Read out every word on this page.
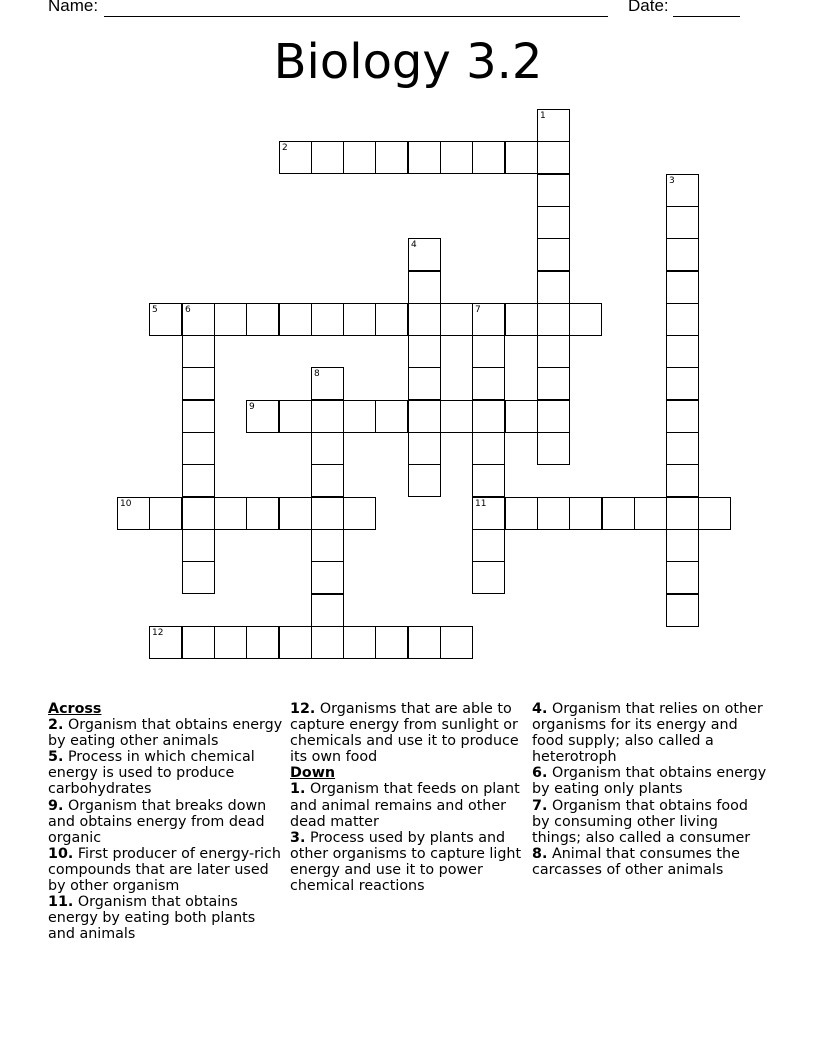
Name:	Date:
Biology 3.2
1
2
3
4
5	6	7
11
8
9
10
12

Across

2. Organism that obtains energy by eating other animals

5. Process in which chemical energy is used to produce carbohydrates

9. Organism that breaks down and obtains energy from dead organic

10. First producer of energy-rich compounds that are later used by other organism

11. Organism that obtains energy by eating both plants and animals

12. Organisms that are able to capture energy from sunlight or chemicals and use it to produce its own food

Down

1. Organism that feeds on plant and animal remains and other dead matter

3. Process used by plants and other organisms to capture light energy and use it to power chemical reactions

4. Organism that relies on other organisms for its energy and food supply; also called a heterotroph

6. Organism that obtains energy by eating only plants

7. Organism that obtains food by consuming other living things; also called a consumer

8. Animal that consumes the carcasses of other animals
